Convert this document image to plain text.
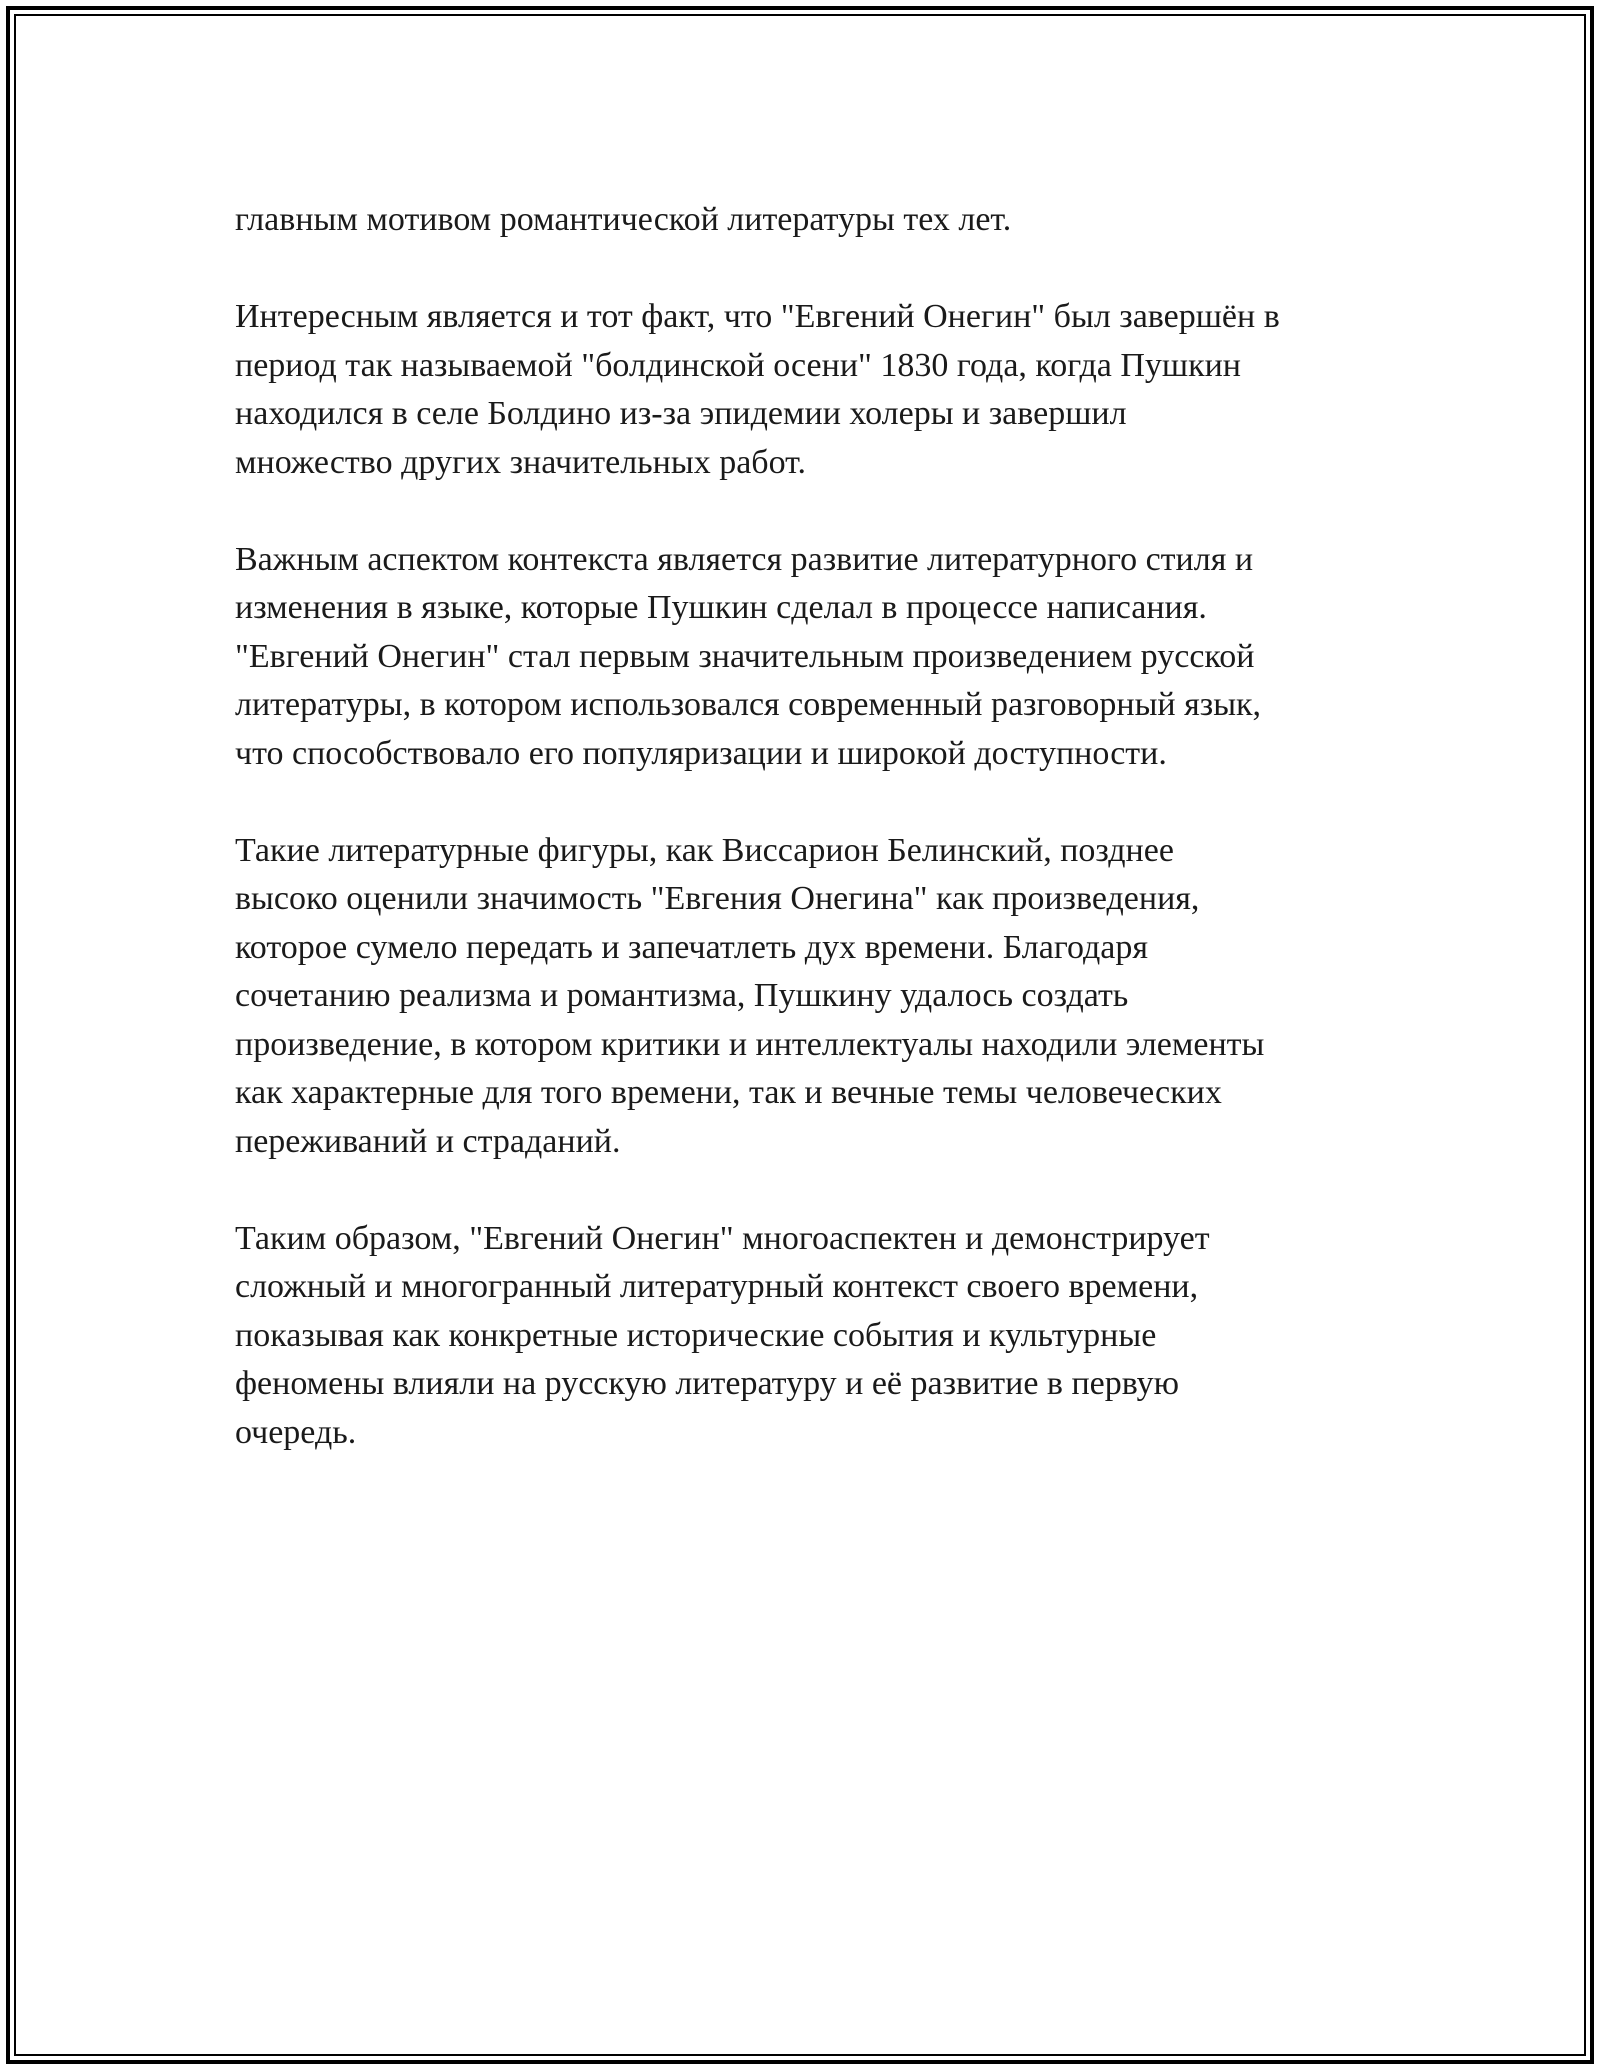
главным мотивом романтической литературы тех лет.

Интересным является и тот факт, что "Евгений Онегин" был завершён в
период так называемой "болдинской осени" 1830 года, когда Пушкин
находился в селе Болдино из-за эпидемии холеры и завершил
множество других значительных работ.

Важным аспектом контекста является развитие литературного стиля и
изменения в языке, которые Пушкин сделал в процессе написания.
"Евгений Онегин" стал первым значительным произведением русской
литературы, в котором использовался современный разговорный язык,
что способствовало его популяризации и широкой доступности.

Такие литературные фигуры, как Виссарион Белинский, позднее
высоко оценили значимость "Евгения Онегина" как произведения,
которое сумело передать и запечатлеть дух времени. Благодаря
сочетанию реализма и романтизма, Пушкину удалось создать
произведение, в котором критики и интеллектуалы находили элементы
как характерные для того времени, так и вечные темы человеческих
переживаний и страданий.

Таким образом, "Евгений Онегин" многоаспектен и демонстрирует
сложный и многогранный литературный контекст своего времени,
показывая как конкретные исторические события и культурные
феномены влияли на русскую литературу и её развитие в первую
очередь.
